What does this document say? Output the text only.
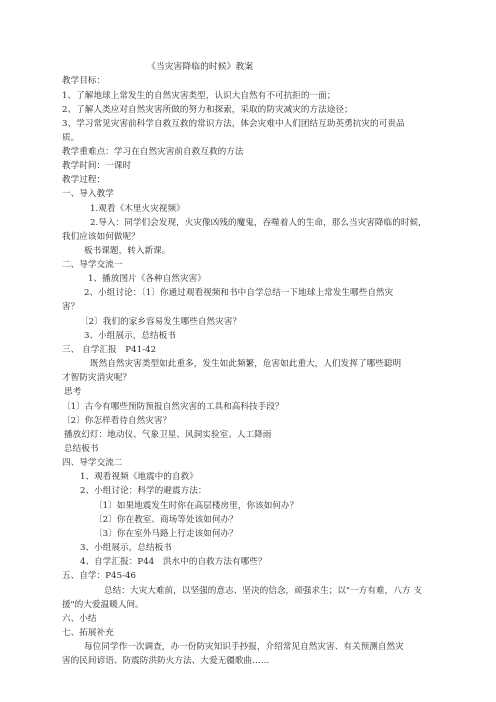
《当灾害降临的时候》教案
教学目标：
1、了解地球上常发生的自然灾害类型，认识大自然有不可抗拒的一面；
2、了解人类应对自然灾害所做的努力和探索，采取的防灾减灾的方法途径；
3、学习常见灾害前科学自救互救的常识方法，体会灾难中人们团结互助英勇抗灾的可贵品
质。
教学重难点：学习在自然灾害前自救互救的方法
教学时间：一课时
教学过程：
一、导入教学
1.观看《木里火灾视频》
2.导入：同学们会发现，火灾像凶残的魔鬼，吞噬着人的生命，那么当灾害降临的时候，
我们应该如何做呢？
板书课题，转入新课。
二、导学交流一
1、播放图片《各种自然灾害》
2、小组讨论：〔1〕你通过观看视频和书中自学总结一下地球上常发生哪些自然灾
害？
〔2〕我们的家乡容易发生哪些自然灾害？
3、小组展示，总结板书
三、 自学汇报　P41-42
既然自然灾害类型如此重多，发生如此频繁，危害如此重大，人们发挥了哪些聪明
才智防灾消灾呢？
思考
〔1〕古今有哪些预防预报自然灾害的工具和高科技手段？
〔2〕你怎样看待自然灾害？
播放幻灯：地动仪、气象卫星、风洞实验室、人工降雨
总结板书
四、导学交流二
1、观看视频《地震中的自救》
2、小组讨论：科学的避震方法：
〔1〕如果地震发生时你在高层楼房里，你该如何办？
〔2〕你在教室、商场等处该如何办？
〔3〕你在室外马路上行走该如何办？
3、小组展示，总结板书
4、自学汇报：P44　洪水中的自救方法有哪些？
五、自学：P45-46
总结：大灾大难前，以坚强的意志、坚决的信念，顽强求生；以"一方有难，八方 支
援"的大爱温暖人间。
六、小结
七、拓展补充
每位同学作一次调查，办一份防灾知识手抄报，介绍常见自然灾害、有关预测自然灾
害的民间谚语、防震防洪防火方法、大爱无疆歌曲……
